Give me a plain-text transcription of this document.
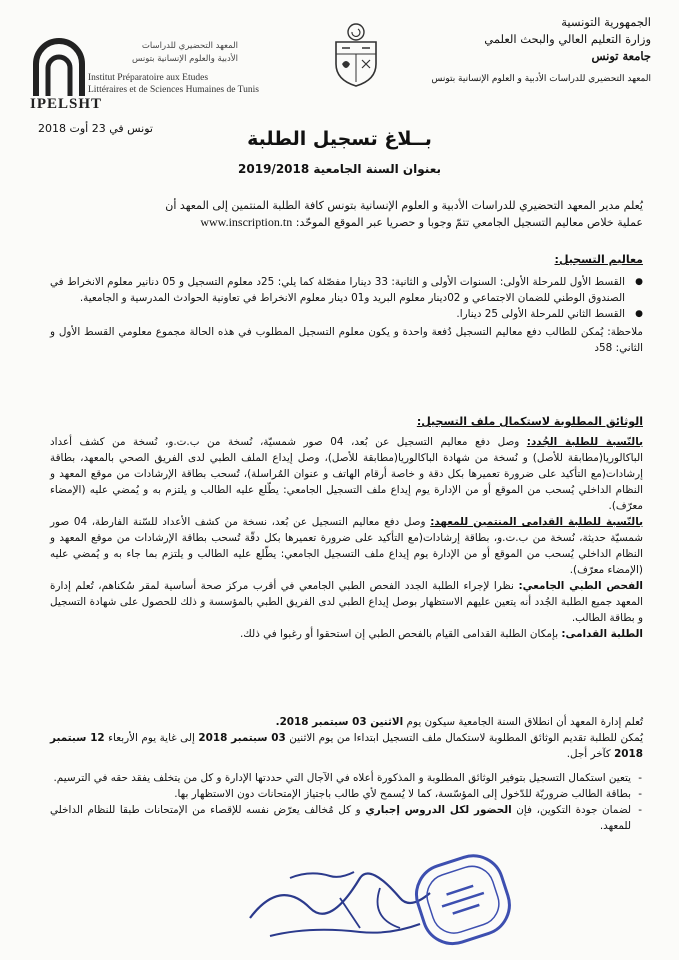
IPELSHT
المعهد التحضيري للدراسات
الأدبية والعلوم الإنسانية بتونس
Institut Préparatoire aux Etudes
Littéraires et de Sciences Humaines de Tunis
الجمهورية التونسية
وزارة التعليم العالي والبحث العلمي
جامعة تونس
المعهد التحضيري للدراسات الأدبية و العلوم الإنسانية بتونس
تونس في 23 أوت 2018	بــلاغ تسجيل الطلبة
بعنوان السنة الجامعية 2019/2018

يُعلم مدير المعهد التحضيري للدراسات الأدبية و العلوم الإنسانية بتونس كافة الطلبة المنتمين إلى المعهد أن

عملية خلاص معاليم التسجيل الجامعي تتمّ وجوبا و حصريا عبر الموقع الموحّد: www.inscription.tn

معاليم التسجيل:

● القسط الأول للمرحلة الأولى: السنوات الأولى و الثانية: 33 دينارا مفصّلة كما يلي: 25د معلوم التسجيل و 05 دنانير معلوم الانخراط في الصندوق الوطني للضمان الاجتماعي و 02دينار معلوم البريد و01 دينار معلوم الانخراط في تعاونية الحوادث المدرسية و الجامعية.
● القسط الثاني للمرحلة الأولى 25 دينارا.

ملاحظة: يُمكن للطالب دفع معاليم التسجيل دُفعة واحدة و يكون معلوم التسجيل المطلوب في هذه الحالة مجموع معلومي القسط الأول و الثاني: 58د

الوثائق المطلوبة لاستكمال ملف التسجيل:

بالنّسبة للطلبة الجُدد: وصل دفع معاليم التسجيل عن بُعد، 04 صور شمسيّة، نُسخة من ب.ت.و، نُسخة من كشف أعداد الباكالوريا(مطابقة للأصل) و نُسخة من شهادة الباكالوريا(مطابقة للأصل)، وصل إيداع الملف الطبي لدى الفريق الصحي بالمعهد، بطاقة إرشادات(مع التأكيد على ضرورة تعميرها بكل دقة و خاصة أرقام الهاتف و عنوان المُراسلة)، تُسحب بطاقة الإرشادات من موقع المعهد و النظام الداخلي يُسحب من الموقع أو من الإدارة يوم إيداع ملف التسجيل الجامعي: يطّلع عليه الطالب و يلتزم به و يُمضي عليه (الإمضاء معرّف).

بالنّسبة للطلبة القدامى المنتمين للمعهد: وصل دفع معاليم التسجيل عن بُعد، نسخة من كشف الأعداد للسّنة الفارطة، 04 صور شمسيّة حديثة، نُسخة من ب.ت.و، بطاقة إرشادات(مع التأكيد على ضرورة تعميرها بكل دقّة تُسحب بطاقة الإرشادات من موقع المعهد و النظام الداخلي يُسحب من الموقع أو من الإدارة يوم إيداع ملف التسجيل الجامعي: يطّلع عليه الطالب و يلتزم بما جاء به و يُمضي عليه (الإمضاء معرّف).

الفحص الطبي الجامعي: نظرا لإجراء الطلبة الجدد الفحص الطبي الجامعي في أقرب مركز صحة أساسية لمقر سُكناهم، تُعلم إدارة المعهد جميع الطلبة الجُدد أنه يتعين عليهم الاستظهار بوصل إيداع الطبي لدى الفريق الطبي بالمؤسسة و ذلك للحصول على شهادة التسجيل و بطاقة الطالب.

الطلبة القدامى: بإمكان الطلبة القدامى القيام بالفحص الطبي إن استحقوا أو رغبوا في ذلك.

تُعلم إدارة المعهد أن انطلاق السنة الجامعية سيكون يوم الاثنين 03 سبتمبر 2018.

يُمكن للطلبة تقديم الوثائق المطلوبة لاستكمال ملف التسجيل ابتداءا من يوم الاثنين 03 سبتمبر 2018 إلى غاية يوم الأربعاء 12 سبتمبر 2018 كآخر أجل.

- يتعين استكمال التسجيل بتوفير الوثائق المطلوبة و المذكورة أعلاه في الآجال التي حددتها الإدارة و كل من يتخلف يفقد حقه في الترسيم.
- بطاقة الطالب ضروريّة للدّخول إلى المؤسّسة، كما لا يُسمح لأي طالب باجتياز الإمتحانات دون الاستظهار بها.
- لضمان جودة التكوين، فإن الحضور لكل الدروس إجباري و كل مُخالف يعرّض نفسه للإقصاء من الإمتحانات طبقا للنظام الداخلي للمعهد.
